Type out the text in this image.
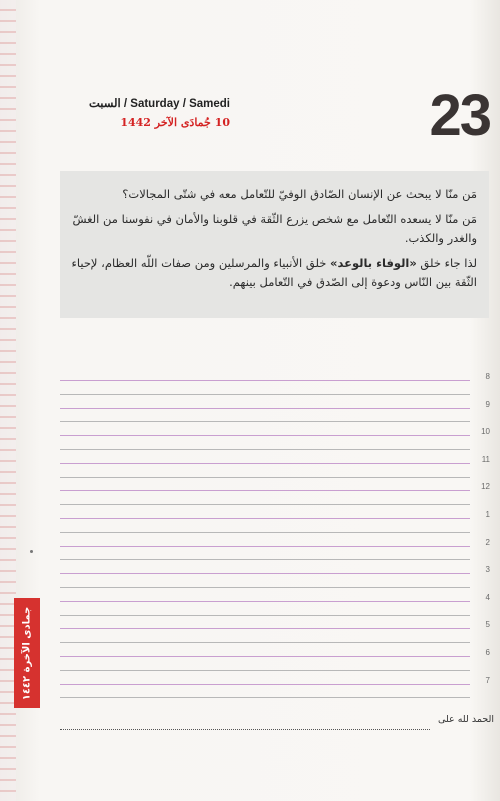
23
السبت / Saturday / Samedi
10 جُمادَى الآخر 1442

مَن منّا لا يبحث عن الإنسان الصّادق الوفيّ للتّعامل معه في شتّى المجالات؟

مَن منّا لا يسعده التّعامل مع شخص يزرع الثّقة في قلوبنا والأمان في نفوسنا من الغشّ والغدر والكذب.

لذا جاء خلق «الوفاء بالوعد» خلق الأنبياء والمرسلين ومن صفات اللّه العظام، لإحياء الثّقة بين النّاس ودعوة إلى الصّدق في التّعامل بينهم.

8
9
10
11
12
1
2
3
4
5
6
7
جمادى الآخرة ١٤٤٢
الحمد لله على
